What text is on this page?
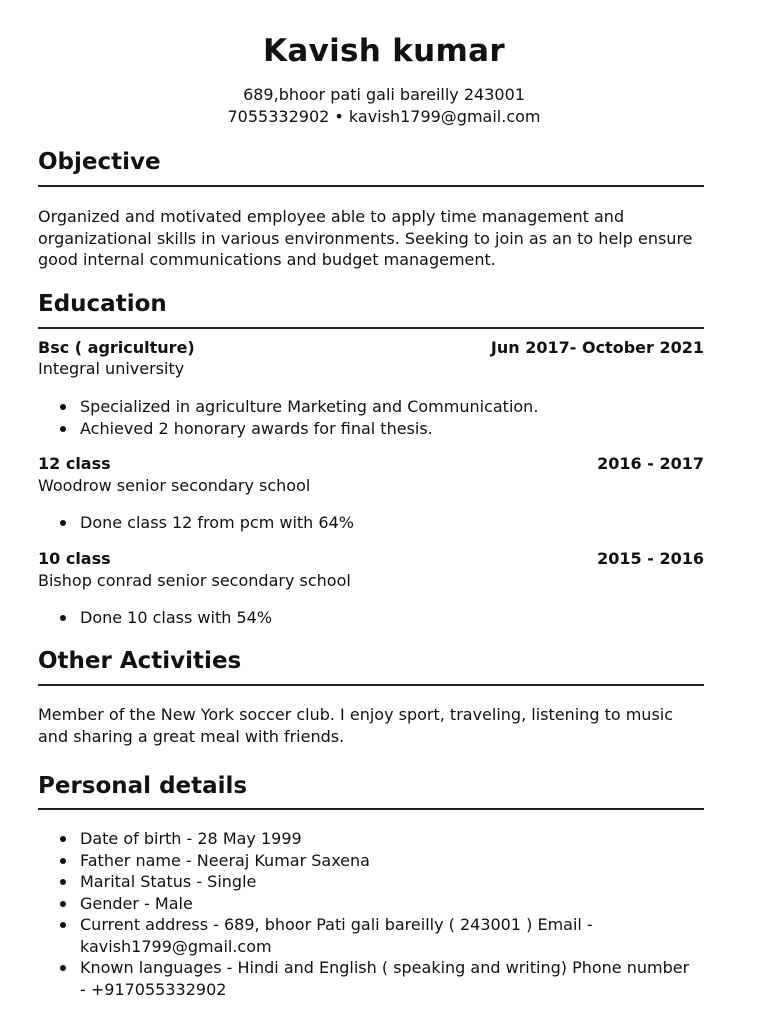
Kavish kumar
689,bhoor pati gali bareilly 243001
7055332902 • kavish1799@gmail.com
Objective
Organized and motivated employee able to apply time management and organizational skills in various environments. Seeking to join as an to help ensure good internal communications and budget management.
Education
Bsc ( agriculture)	Jun 2017- October 2021
Integral university
Specialized in agriculture Marketing and Communication.
Achieved 2 honorary awards for final thesis.
12 class	2016 - 2017
Woodrow senior secondary school
Done class 12 from pcm with 64%
10 class	2015 - 2016
Bishop conrad senior secondary school
Done 10 class with 54%
Other Activities
Member of the New York soccer club. I enjoy sport, traveling, listening to music and sharing a great meal with friends.
Personal details
Date of birth - 28 May 1999
Father name - Neeraj Kumar Saxena
Marital Status - Single
Gender - Male
Current address - 689, bhoor Pati gali bareilly ( 243001 ) Email - kavish1799@gmail.com
Known languages - Hindi and English ( speaking and writing) Phone number - +917055332902
